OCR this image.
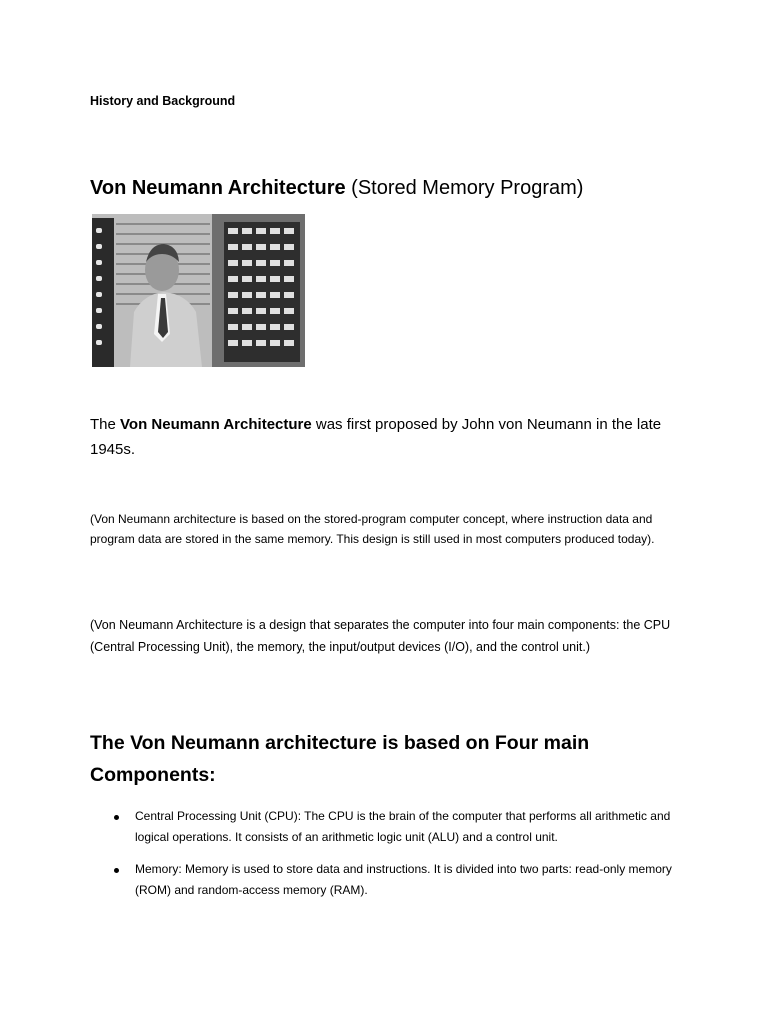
History and Background

Von Neumann Architecture (Stored Memory Program)

The Von Neumann Architecture was first proposed by John von Neumann in the late 1945s.

(Von Neumann architecture is based on the stored-program computer concept, where instruction data and program data are stored in the same memory. This design is still used in most computers produced today).

(Von Neumann Architecture is a design that separates the computer into four main components: the CPU (Central Processing Unit), the memory, the input/output devices (I/O), and the control unit.)

The Von Neumann architecture is based on Four main Components:
Central Processing Unit (CPU): The CPU is the brain of the computer that performs all arithmetic and logical operations. It consists of an arithmetic logic unit (ALU) and a control unit.
Memory: Memory is used to store data and instructions. It is divided into two parts: read-only memory (ROM) and random-access memory (RAM).
